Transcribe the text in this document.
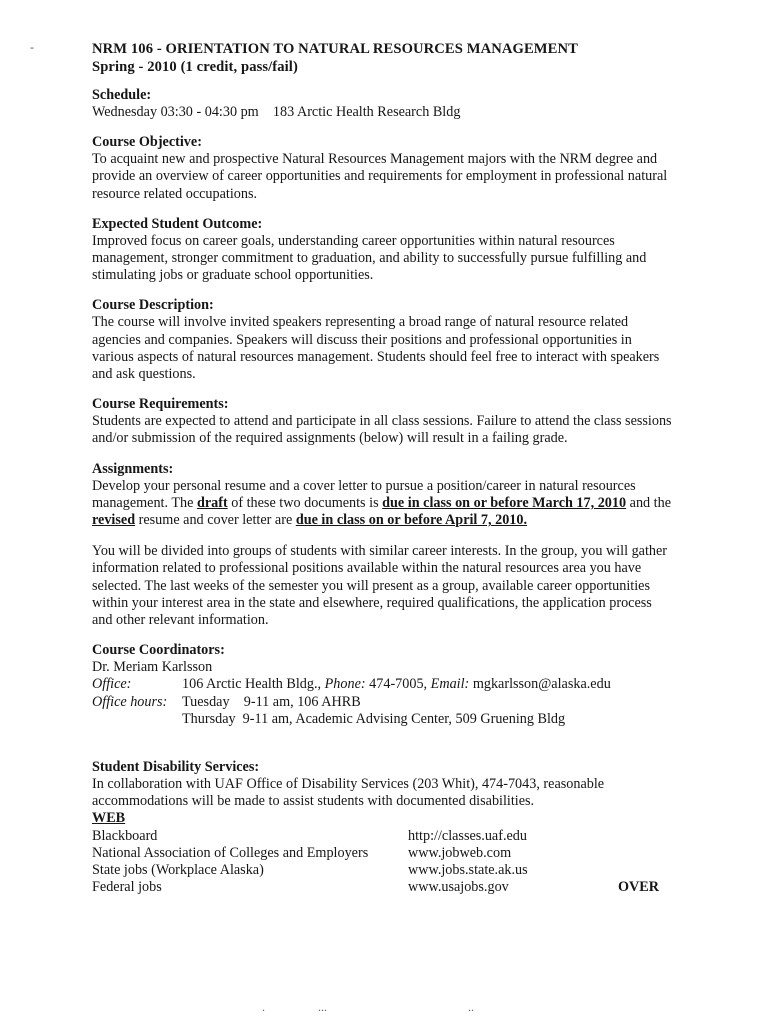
-	NRM 106 - ORIENTATION TO NATURAL RESOURCES MANAGEMENT
Spring - 2010 (1 credit, pass/fail)
Schedule:

Wednesday 03:30 - 04:30 pm    183 Arctic Health Research Bldg

Course Objective:

To acquaint new and prospective Natural Resources Management majors with the NRM degree and provide an overview of career opportunities and requirements for employment in professional natural resource related occupations.

Expected Student Outcome:

Improved focus on career goals, understanding career opportunities within natural resources management, stronger commitment to graduation, and ability to successfully pursue fulfilling and stimulating jobs or graduate school opportunities.

Course Description:

The course will involve invited speakers representing a broad range of natural resource related agencies and companies. Speakers will discuss their positions and professional opportunities in various aspects of natural resources management. Students should feel free to interact with speakers and ask questions.

Course Requirements:

Students are expected to attend and participate in all class sessions. Failure to attend the class sessions and/or submission of the required assignments (below) will result in a failing grade.

Assignments:

Develop your personal resume and a cover letter to pursue a position/career in natural resources management. The draft of these two documents is due in class on or before March 17, 2010 and the revised resume and cover letter are due in class on or before April 7, 2010.

You will be divided into groups of students with similar career interests. In the group, you will gather information related to professional positions available within the natural resources area you have selected. The last weeks of the semester you will present as a group, available career opportunities within your interest area in the state and elsewhere, required qualifications, the application process and other relevant information.

Course Coordinators:

Dr. Meriam Karlsson

Office:	106 Arctic Health Bldg., Phone: 474-7005, Email: mgkarlsson@alaska.edu
Office hours:	Tuesday    9-11 am, 106 AHRB
Thursday  9-11 am, Academic Advising Center, 509 Gruening Bldg
Student Disability Services:

In collaboration with UAF Office of Disability Services (203 Whit), 474-7043, reasonable accommodations will be made to assist students with documented disabilities.

WEB
Blackboard	http://classes.uaf.edu
National Association of Colleges and Employers	www.jobweb.com
State jobs (Workplace Alaska)	www.jobs.state.ak.us
Federal jobs	www.usajobs.gov	OVER
.	...	..
